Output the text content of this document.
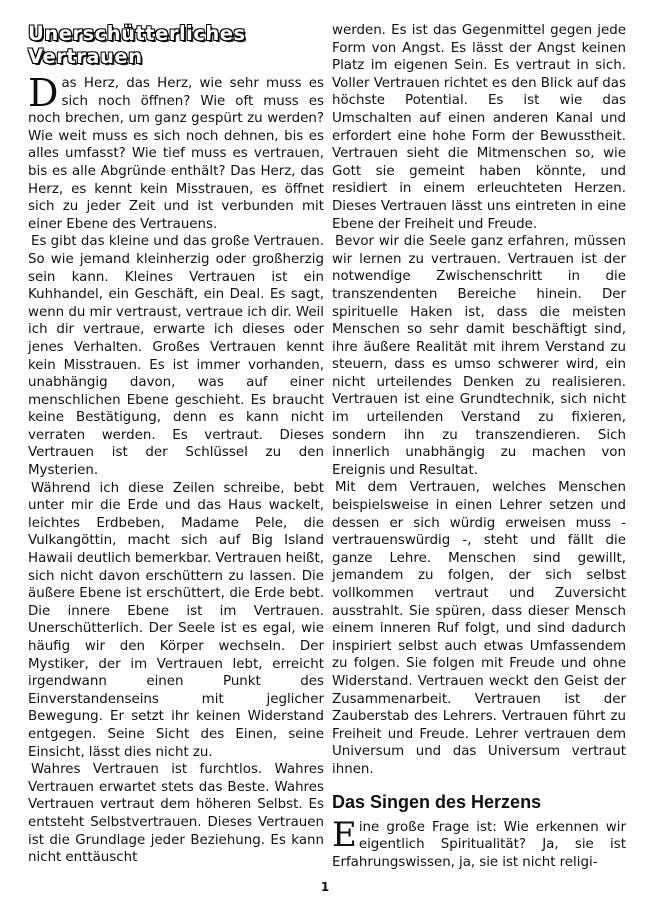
Unerschütterliches Vertrauen

Das Herz, das Herz, wie sehr muss es sich noch öffnen? Wie oft muss es noch brechen, um ganz gespürt zu werden? Wie weit muss es sich noch dehnen, bis es alles umfasst? Wie tief muss es vertrauen, bis es alle Abgründe enthält? Das Herz, das Herz, es kennt kein Misstrauen, es öffnet sich zu jeder Zeit und ist verbunden mit einer Ebene des Vertrauens.

Es gibt das kleine und das große Vertrauen. So wie jemand kleinherzig oder großherzig sein kann. Kleines Vertrauen ist ein Kuhhandel, ein Geschäft, ein Deal. Es sagt, wenn du mir vertraust, vertraue ich dir. Weil ich dir vertraue, erwarte ich dieses oder jenes Verhalten. Großes Vertrauen kennt kein Misstrauen. Es ist immer vorhanden, unabhängig davon, was auf einer menschlichen Ebene geschieht. Es braucht keine Bestätigung, denn es kann nicht verraten werden. Es vertraut. Dieses Vertrauen ist der Schlüssel zu den Mysterien.

Während ich diese Zeilen schreibe, bebt unter mir die Erde und das Haus wackelt, leichtes Erdbeben, Madame Pele, die Vulkangöttin, macht sich auf Big Island Hawaii deutlich bemerkbar. Vertrauen heißt, sich nicht davon erschüttern zu lassen. Die äußere Ebene ist erschüttert, die Erde bebt. Die innere Ebene ist im Vertrauen. Unerschütterlich. Der Seele ist es egal, wie häufig wir den Körper wechseln. Der Mystiker, der im Vertrauen lebt, erreicht irgendwann einen Punkt des Einverstandenseins mit jeglicher Bewegung. Er setzt ihr keinen Widerstand entgegen. Seine Sicht des Einen, seine Einsicht, lässt dies nicht zu.

Wahres Vertrauen ist furchtlos. Wahres Vertrauen erwartet stets das Beste. Wahres Vertrauen vertraut dem höheren Selbst. Es entsteht Selbstvertrauen. Dieses Vertrauen ist die Grundlage jeder Beziehung. Es kann nicht enttäuscht

werden. Es ist das Gegenmittel gegen jede Form von Angst. Es lässt der Angst keinen Platz im eigenen Sein. Es vertraut in sich. Voller Vertrauen richtet es den Blick auf das höchste Potential. Es ist wie das Umschalten auf einen anderen Kanal und erfordert eine hohe Form der Bewusstheit. Vertrauen sieht die Mitmenschen so, wie Gott sie gemeint haben könnte, und residiert in einem erleuchteten Herzen. Dieses Vertrauen lässt uns eintreten in eine Ebene der Freiheit und Freude.

Bevor wir die Seele ganz erfahren, müssen wir lernen zu vertrauen. Vertrauen ist der notwendige Zwischenschritt in die transzendenten Bereiche hinein. Der spirituelle Haken ist, dass die meisten Menschen so sehr damit beschäftigt sind, ihre äußere Realität mit ihrem Verstand zu steuern, dass es umso schwerer wird, ein nicht urteilendes Denken zu realisieren. Vertrauen ist eine Grundtechnik, sich nicht im urteilenden Verstand zu fixieren, sondern ihn zu transzendieren. Sich innerlich unabhängig zu machen von Ereignis und Resultat.

Mit dem Vertrauen, welches Menschen beispielsweise in einen Lehrer setzen und dessen er sich würdig erweisen muss - vertrauenswürdig -, steht und fällt die ganze Lehre. Menschen sind gewillt, jemandem zu folgen, der sich selbst vollkommen vertraut und Zuversicht ausstrahlt. Sie spüren, dass dieser Mensch einem inneren Ruf folgt, und sind dadurch inspiriert selbst auch etwas Umfassendem zu folgen. Sie folgen mit Freude und ohne Widerstand. Vertrauen weckt den Geist der Zusammenarbeit. Vertrauen ist der Zauberstab des Lehrers. Vertrauen führt zu Freiheit und Freude. Lehrer vertrauen dem Universum und das Universum vertraut ihnen.

Das Singen des Herzens

Eine große Frage ist: Wie erkennen wir eigentlich Spiritualität? Ja, sie ist Erfahrungswissen, ja, sie ist nicht religi-

1
